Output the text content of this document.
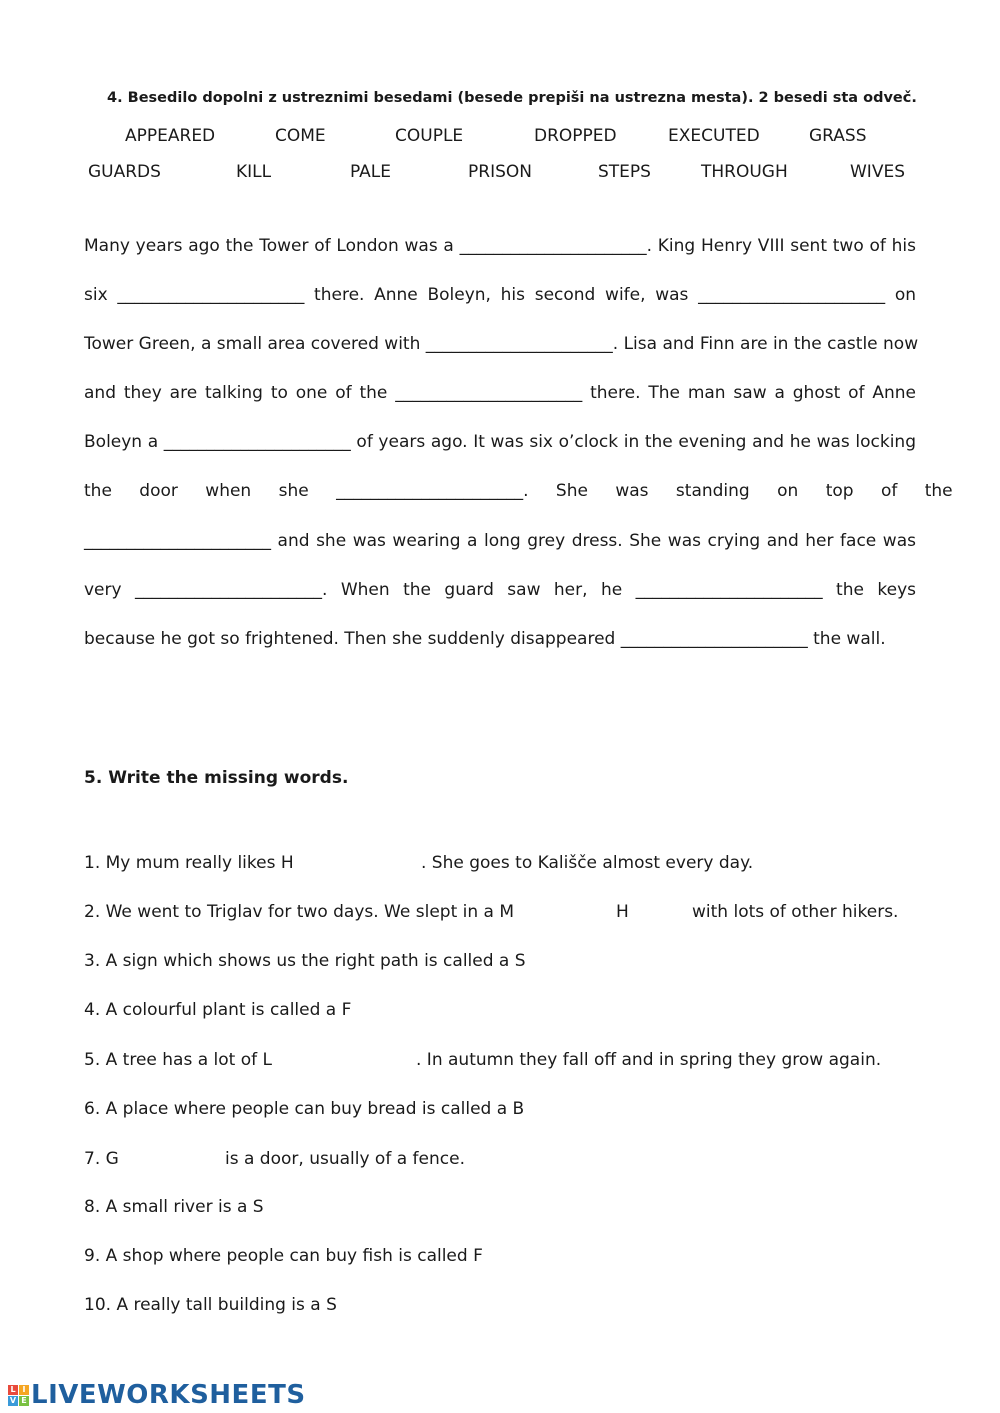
4. Besedilo dopolni z ustreznimi besedami (besede prepiši na ustrezna mesta). 2 besedi sta odveč.
APPEARED	COME	COUPLE	DROPPED	EXECUTED	GRASS
GUARDS	KILL	PALE	PRISON	STEPS	THROUGH	WIVES
Many years ago the Tower of London was a ______________________. King Henry VIII sent two of his
six ______________________ there. Anne Boleyn, his second wife, was ______________________ on
Tower Green, a small area covered with ______________________. Lisa and Finn are in the castle now
and they are talking to one of the ______________________ there. The man saw a ghost of Anne
Boleyn a ______________________ of years ago. It was six o’clock in the evening and he was locking
the door when she ______________________. She was standing on top of the
______________________ and she was wearing a long grey dress. She was crying and her face was
very ______________________. When the guard saw her, he ______________________ the keys
because he got so frightened. Then she suddenly disappeared ______________________ the wall.
5. Write the missing words.
1. My mum really likes H	. She goes to Kališče almost every day.
2. We went to Triglav for two days. We slept in a M	H	with lots of other hikers.
3. A sign which shows us the right path is called a S
4. A colourful plant is called a F
5. A tree has a lot of L	. In autumn they fall off and in spring they grow again.
6. A place where people can buy bread is called a B
7. G	is a door, usually of a fence.
8. A small river is a S
9. A shop where people can buy fish is called F
10. A really tall building is a S
L I
V E LIVEWORKSHEETS
